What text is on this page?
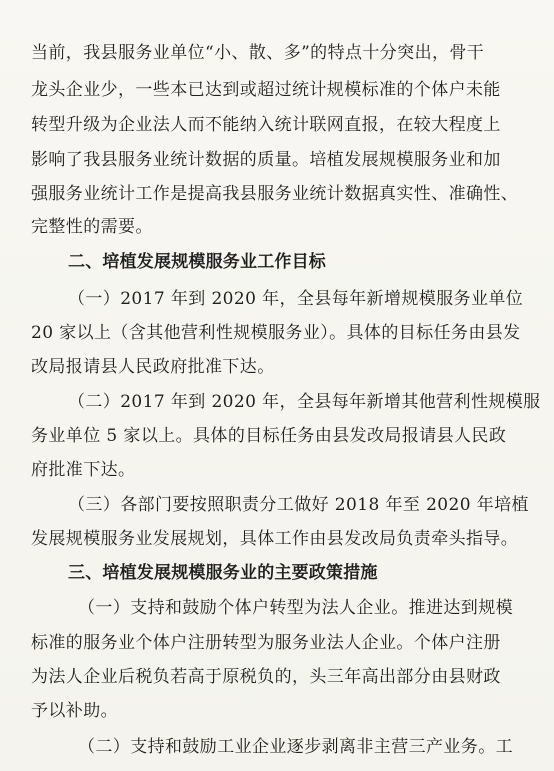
当前，我县服务业单位“小、散、多”的特点十分突出，骨干
龙头企业少，一些本已达到或超过统计规模标准的个体户未能
转型升级为企业法人而不能纳入统计联网直报，在较大程度上
影响了我县服务业统计数据的质量。培植发展规模服务业和加
强服务业统计工作是提高我县服务业统计数据真实性、准确性、
完整性的需要。
二、培植发展规模服务业工作目标
（一）2017 年到 2020 年，全县每年新增规模服务业单位
20 家以上（含其他营利性规模服务业）。具体的目标任务由县发
改局报请县人民政府批准下达。
（二）2017 年到 2020 年，全县每年新增其他营利性规模服
务业单位 5 家以上。具体的目标任务由县发改局报请县人民政
府批准下达。
（三）各部门要按照职责分工做好 2018 年至 2020 年培植
发展规模服务业发展规划，具体工作由县发改局负责牵头指导。
三、培植发展规模服务业的主要政策措施
（一）支持和鼓励个体户转型为法人企业。推进达到规模
标准的服务业个体户注册转型为服务业法人企业。个体户注册
为法人企业后税负若高于原税负的，头三年高出部分由县财政
予以补助。
（二）支持和鼓励工业企业逐步剥离非主营三产业务。工
